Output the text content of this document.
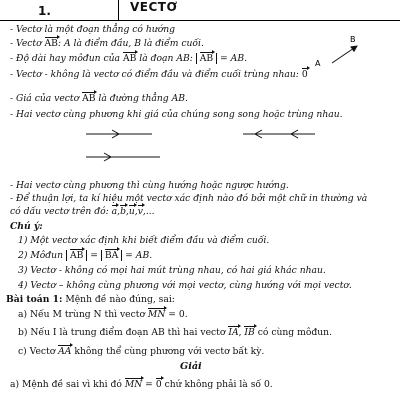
1.	VECTƠ
B
A
- Vectơ là một đoạn thẳng có hướng
- Vectơ AB: A là điểm đầu, B là điểm cuối.
- Độ dài hay môđun của AB là đoạn AB: AB = AB.
- Vectơ - không là vectơ có điểm đầu và điểm cuối trùng nhau: 0
- Giá của vectơ AB là đường thẳng AB.
- Hai vectơ cùng phương khi giá của chúng song song hoặc trùng nhau.
- Hai vectơ cùng phương thì cùng hướng hoặc ngược hướng.
- Để thuận lợi, ta kí hiệu một vectơ xác định nào đó bởi một chữ in thường và
có dấu vectơ trên đó: a,b,u,v,...
Chú ý:
1) Một vectơ xác định khi biết điểm đầu và điểm cuối.
2) Môđun AB = BA = AB.
3) Vectơ - không có mọi hai mút trùng nhau, có hai giá khác nhau.
4) Vectơ – không cùng phương với mọi vectơ, cùng hướng với mọi vectơ.
Bài toán 1: Mệnh đề nào đúng, sai:
a) Nếu M trùng N thì vectơ MN = 0.
b) Nếu I là trung điểm đoạn AB thì hai vectơ IA, IB có cùng môđun.
c) Vectơ AA không thể cùng phương với vectơ bất kỳ.
Giải
a) Mệnh đề sai vì khi đó MN = 0 chứ không phải là số 0.
